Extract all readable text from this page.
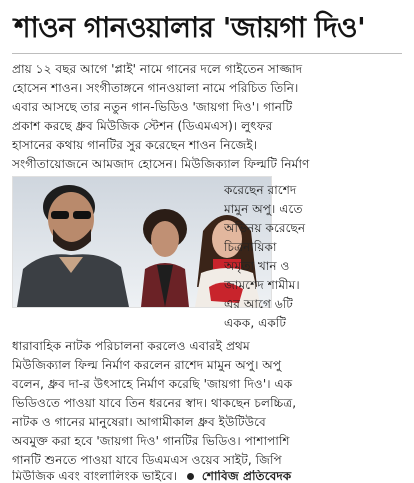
শাওন গানওয়ালার 'জায়গা দিও'
প্রায় ১২ বছর আগে 'প্লাই' নামে গানের দলে গাইতেন সাজ্জাদ
হোসেন শাওন। সংগীতাঙ্গনে গানওয়ালা নামে পরিচিত তিনি।
এবার আসছে তার নতুন গান-ভিডিও 'জায়গা দিও'। গানটি
প্রকাশ করছে ধ্রুব মিউজিক স্টেশন (ডিএমএস)। লুৎফর
হাসানের কথায় গানটির সুর করেছেন শাওন নিজেই।
সংগীতায়োজনে আমজাদ হোসেন। মিউজিক্যাল ফিল্মটি নির্মাণ
করেছেন রাশেদ
মামুন অপু। এতে
অভিনয় করেছেন
চিত্রনায়িকা
অমৃতা খান ও
জামশেদ শামীম।
এর আগে ৬টি
একক, একটি
ধারাবাহিক নাটক পরিচালনা করলেও এবারই প্রথম
মিউজিক্যাল ফিল্ম নির্মাণ করলেন রাশেদ মামুন অপু। অপু
বলেন, ধ্রুব দা-র উৎসাহে নির্মাণ করেছি 'জায়গা দিও'। এক
ভিডিওতে পাওয়া যাবে তিন ধরনের স্বাদ। থাকছেন চলচ্চিত্র,
নাটক ও গানের মানুষেরা। আগামীকাল ধ্রুব ইউটিউবে
অবমুক্ত করা হবে 'জায়গা দিও' গানটির ভিডিও। পাশাপাশি
গানটি শুনতে পাওয়া যাবে ডিএমএস ওয়েব সাইট, জিপি
মিউজিক এবং বাংলালিংক ভাইবে। শোবিজ প্রতিবেদক
